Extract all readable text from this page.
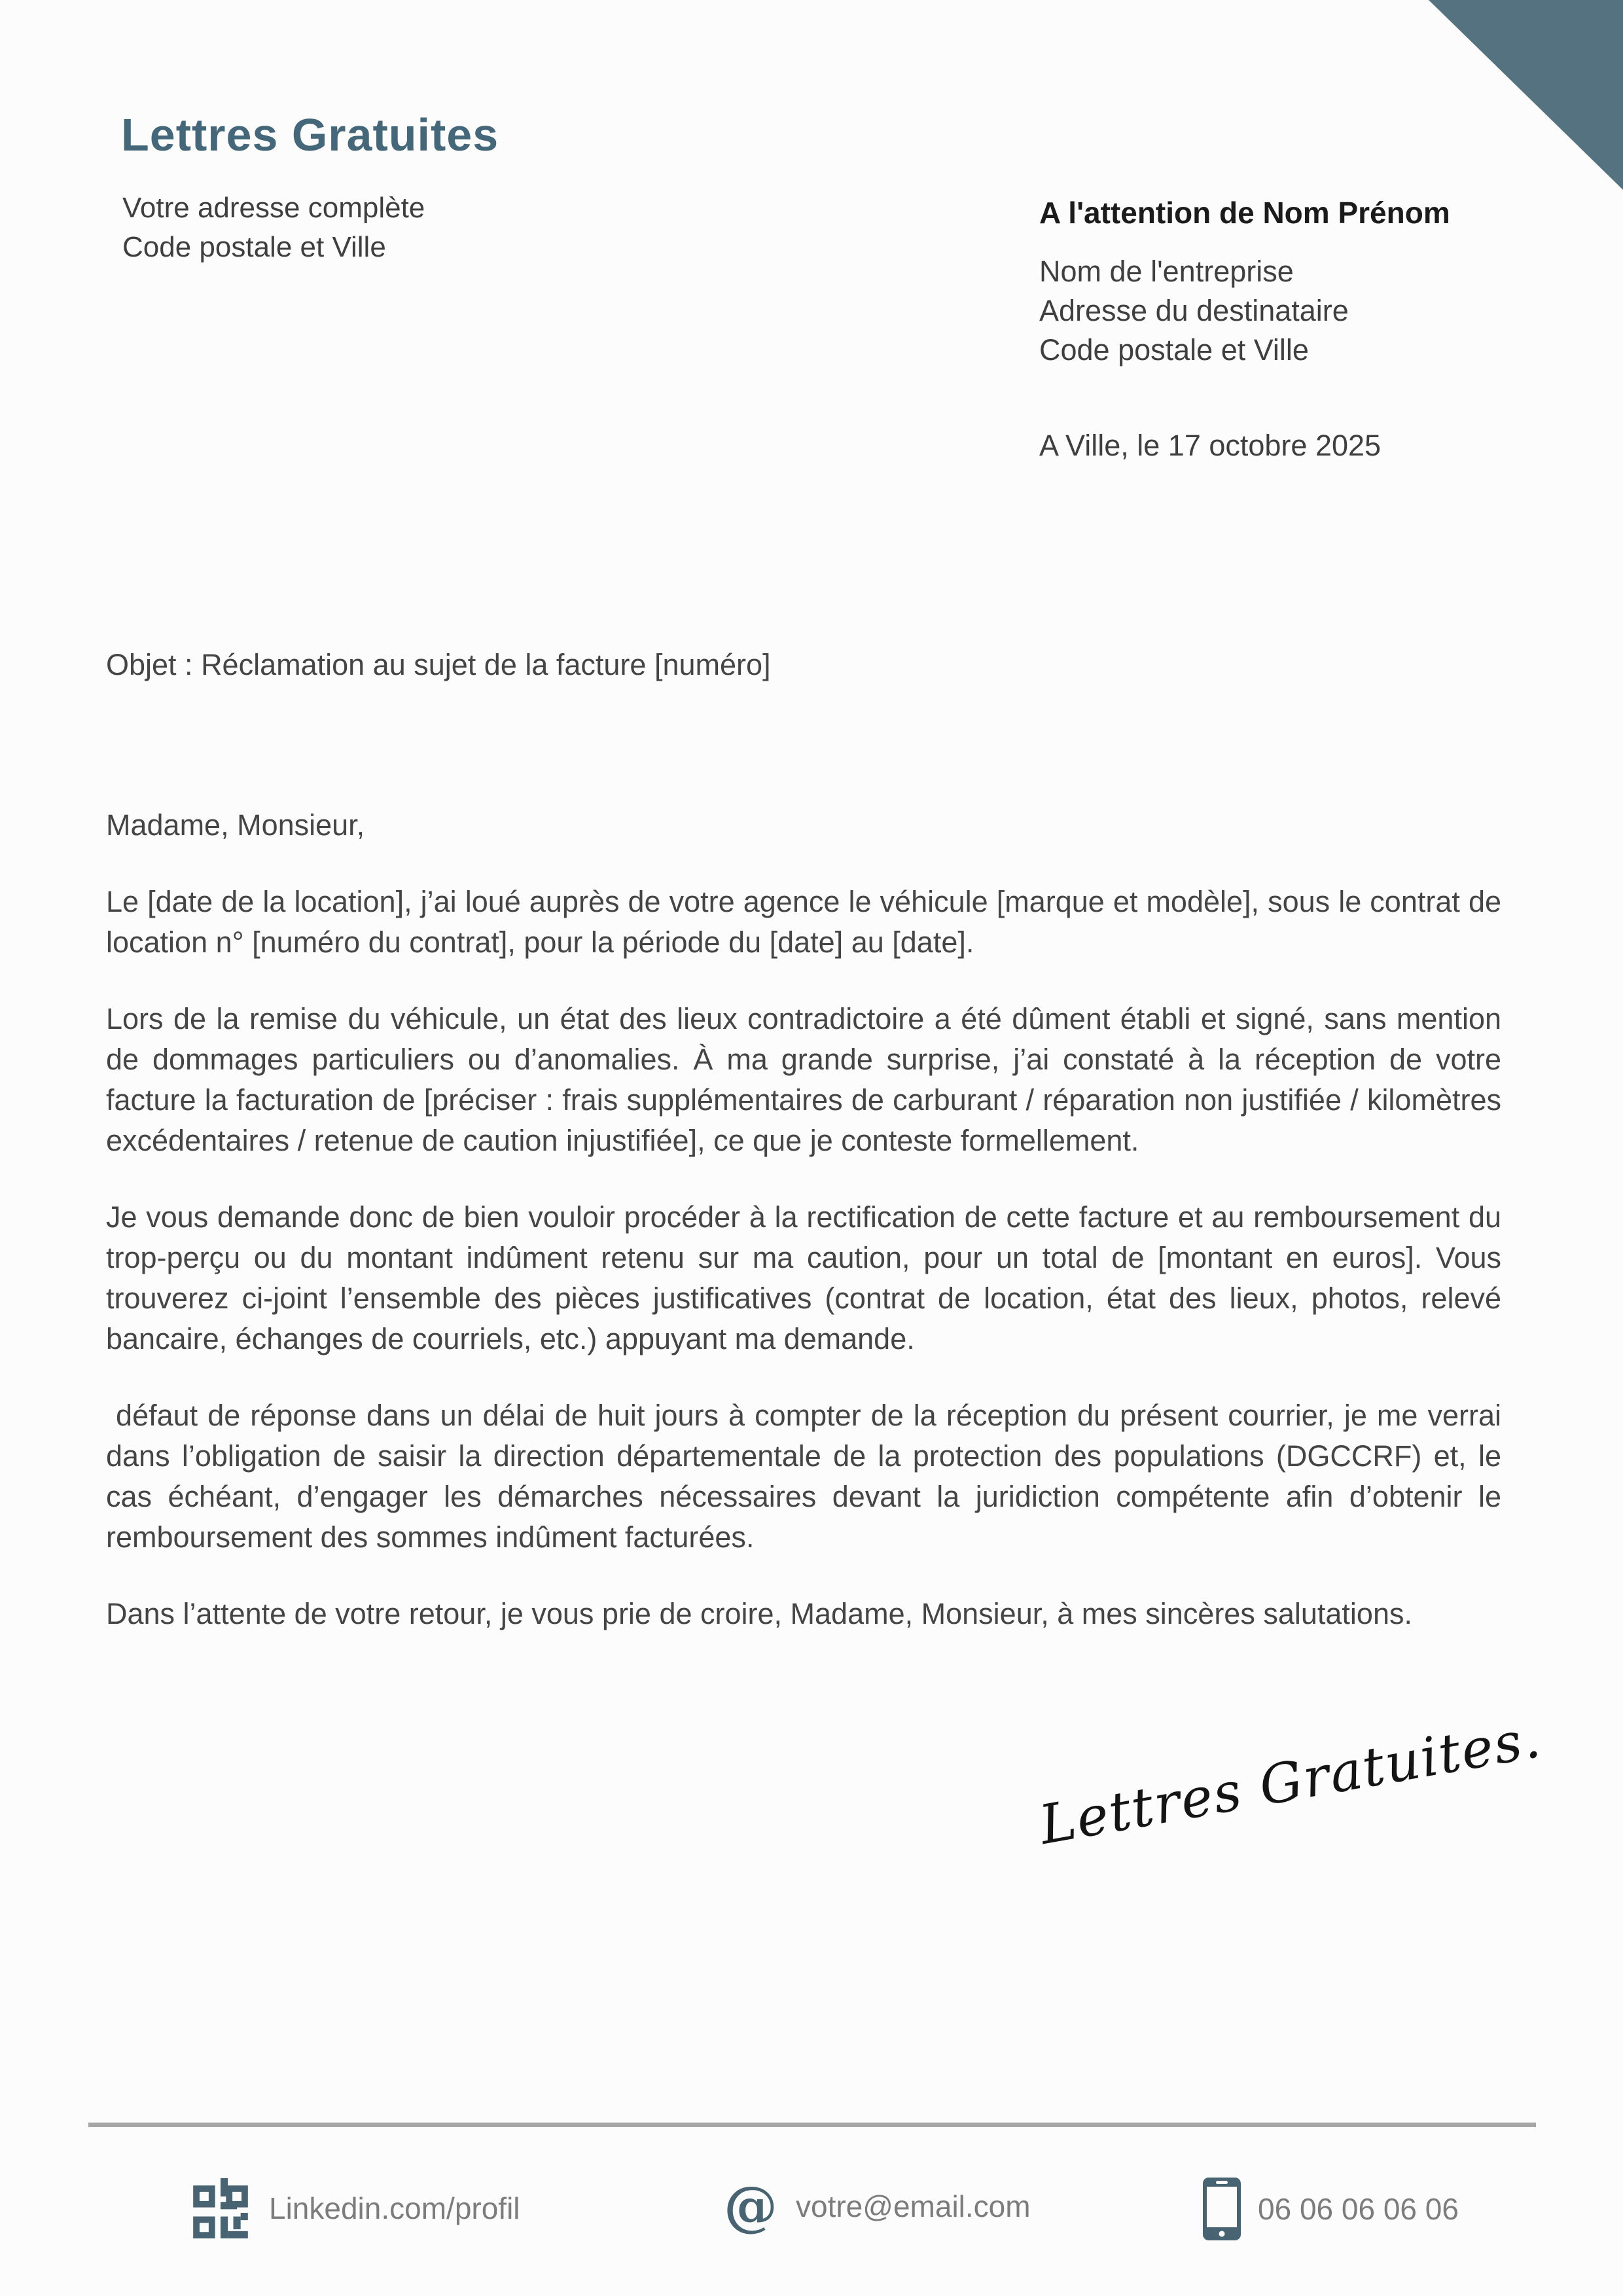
Lettres Gratuites
Votre adresse complète
Code postale et Ville
A l'attention de Nom Prénom
Nom de l'entreprise
Adresse du destinataire
Code postale et Ville
A Ville, le 17 octobre 2025

Objet : Réclamation au sujet de la facture [numéro]

Madame, Monsieur,

Le [date de la location], j’ai loué auprès de votre agence le véhicule [marque et modèle], sous le contrat de location n° [numéro du contrat], pour la période du [date] au [date].

Lors de la remise du véhicule, un état des lieux contradictoire a été dûment établi et signé, sans mention de dommages particuliers ou d’anomalies. À ma grande surprise, j’ai constaté à la réception de votre facture la facturation de [préciser : frais supplémentaires de carburant / réparation non justifiée / kilomètres excédentaires / retenue de caution injustifiée], ce que je conteste formellement.

Je vous demande donc de bien vouloir procéder à la rectification de cette facture et au remboursement du trop-perçu ou du montant indûment retenu sur ma caution, pour un total de [montant en euros]. Vous trouverez ci-joint l’ensemble des pièces justificatives (contrat de location, état des lieux, photos, relevé bancaire, échanges de courriels, etc.) appuyant ma demande.

défaut de réponse dans un délai de huit jours à compter de la réception du présent courrier, je me verrai dans l’obligation de saisir la direction départementale de la protection des populations (DGCCRF) et, le cas échéant, d’engager les démarches nécessaires devant la juridiction compétente afin d’obtenir le remboursement des sommes indûment facturées.

Dans l’attente de votre retour, je vous prie de croire, Madame, Monsieur, à mes sincères salutations.

Lettres Gratuites.
Linkedin.com/profil	@ votre@email.com	06 06 06 06 06
